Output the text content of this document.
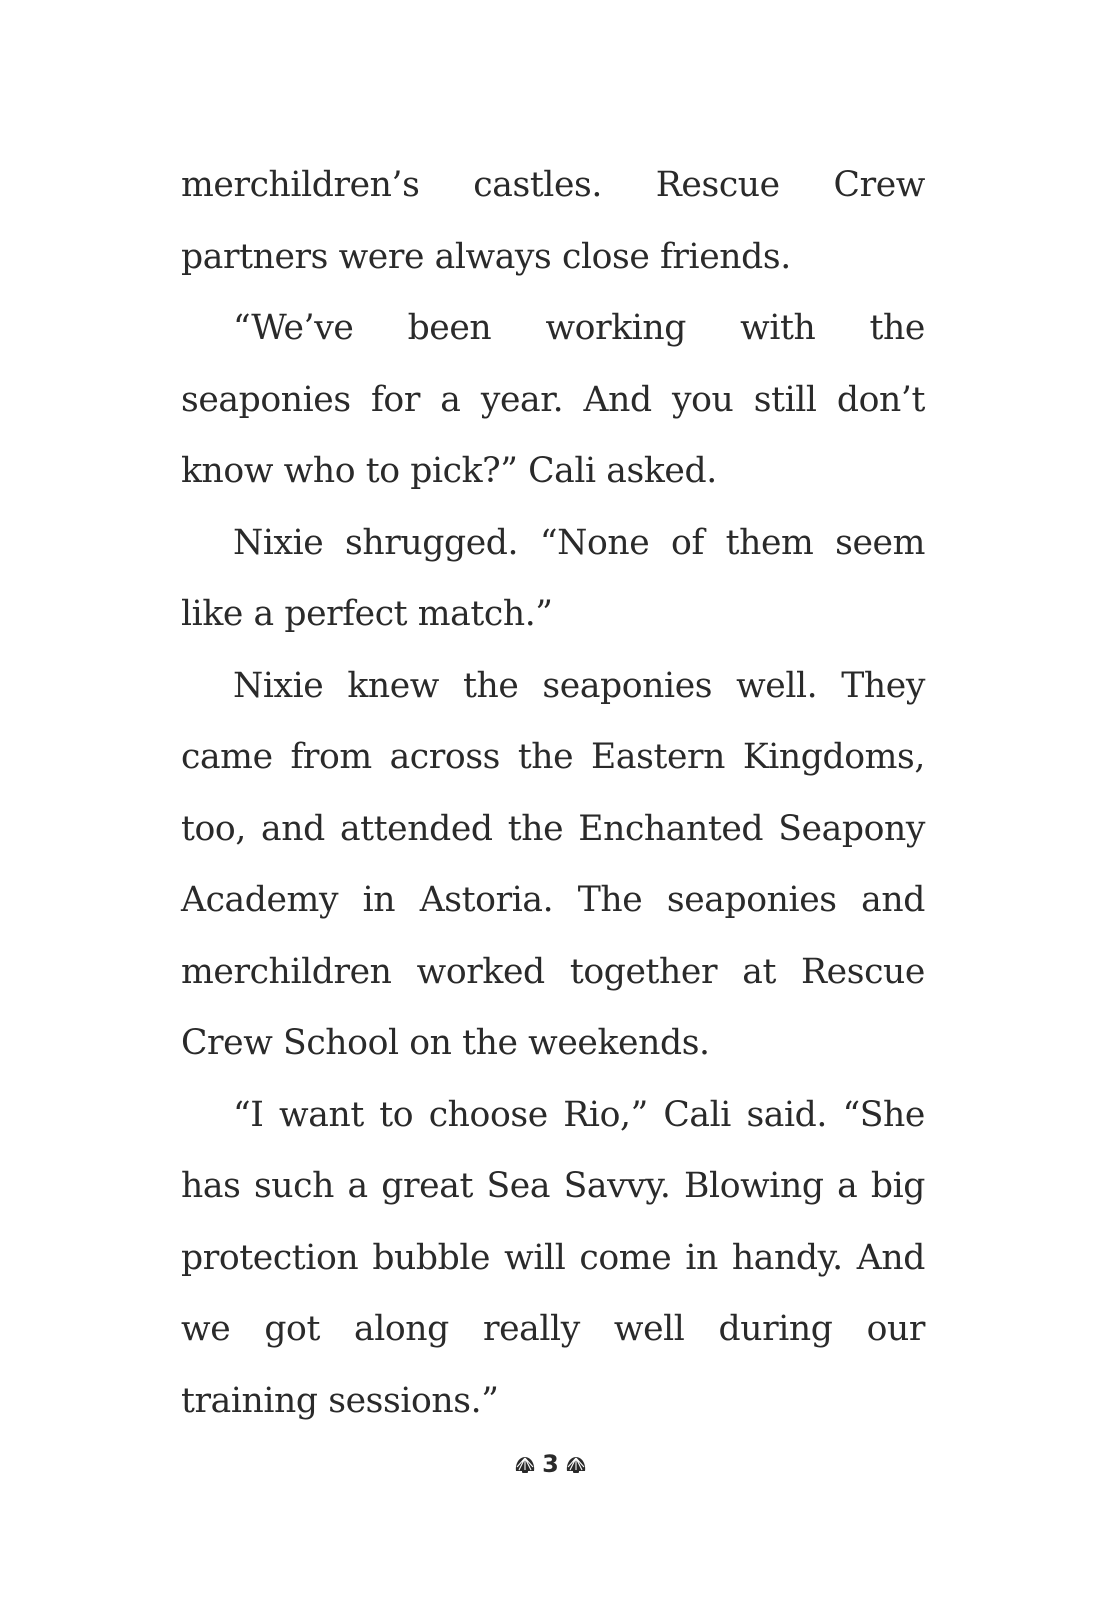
merchildren’s castles. Rescue Crew partners were always close friends.

“We’ve been working with the seaponies for a year. And you still don’t know who to pick?” Cali asked.

Nixie shrugged. “None of them seem like a perfect match.”

Nixie knew the seaponies well. They came from across the Eastern Kingdoms, too, and attended the Enchanted Seapony Academy in Astoria. The seaponies and merchildren worked together at Rescue Crew School on the weekends.

“I want to choose Rio,” Cali said. “She has such a great Sea Savvy. Blowing a big protection bubble will come in handy. And we got along really well during our training sessions.”

3
